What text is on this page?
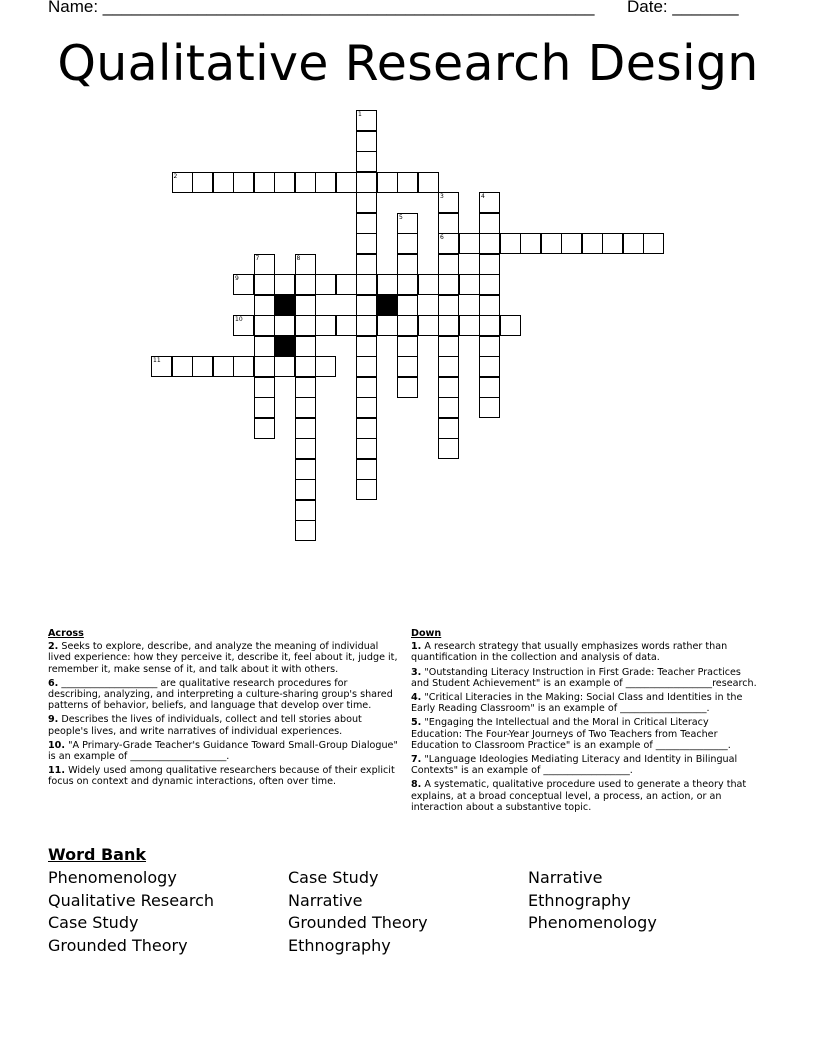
Name: ____________________________________________________ Date: _______
Qualitative Research Design
1
2
3	4
5
6
7	8
9
10
11
Across
2. Seeks to explore, describe, and analyze the meaning of individual lived experience: how they perceive it, describe it, feel about it, judge it, remember it, make sense of it, and talk about it with others.
6. ____________________ are qualitative research procedures for describing, analyzing, and interpreting a culture-sharing group's shared patterns of behavior, beliefs, and language that develop over time.
9. Describes the lives of individuals, collect and tell stories about people's lives, and write narratives of individual experiences.
10. "A Primary-Grade Teacher's Guidance Toward Small-Group Dialogue" is an example of ____________________.
11. Widely used among qualitative researchers because of their explicit focus on context and dynamic interactions, often over time.
Down
1. A research strategy that usually emphasizes words rather than quantification in the collection and analysis of data.
3. "Outstanding Literacy Instruction in First Grade: Teacher Practices and Student Achievement" is an example of __________________research.
4. "Critical Literacies in the Making: Social Class and Identities in the Early Reading Classroom" is an example of __________________.
5. "Engaging the Intellectual and the Moral in Critical Literacy Education: The Four-Year Journeys of Two Teachers from Teacher Education to Classroom Practice" is an example of _______________.
7. "Language Ideologies Mediating Literacy and Identity in Bilingual Contexts" is an example of __________________.
8. A systematic, qualitative procedure used to generate a theory that explains, at a broad conceptual level, a process, an action, or an interaction about a substantive topic.
Word Bank
Phenomenology
Qualitative Research
Case Study
Grounded Theory
Case Study
Narrative
Grounded Theory
Ethnography
Narrative
Ethnography
Phenomenology
